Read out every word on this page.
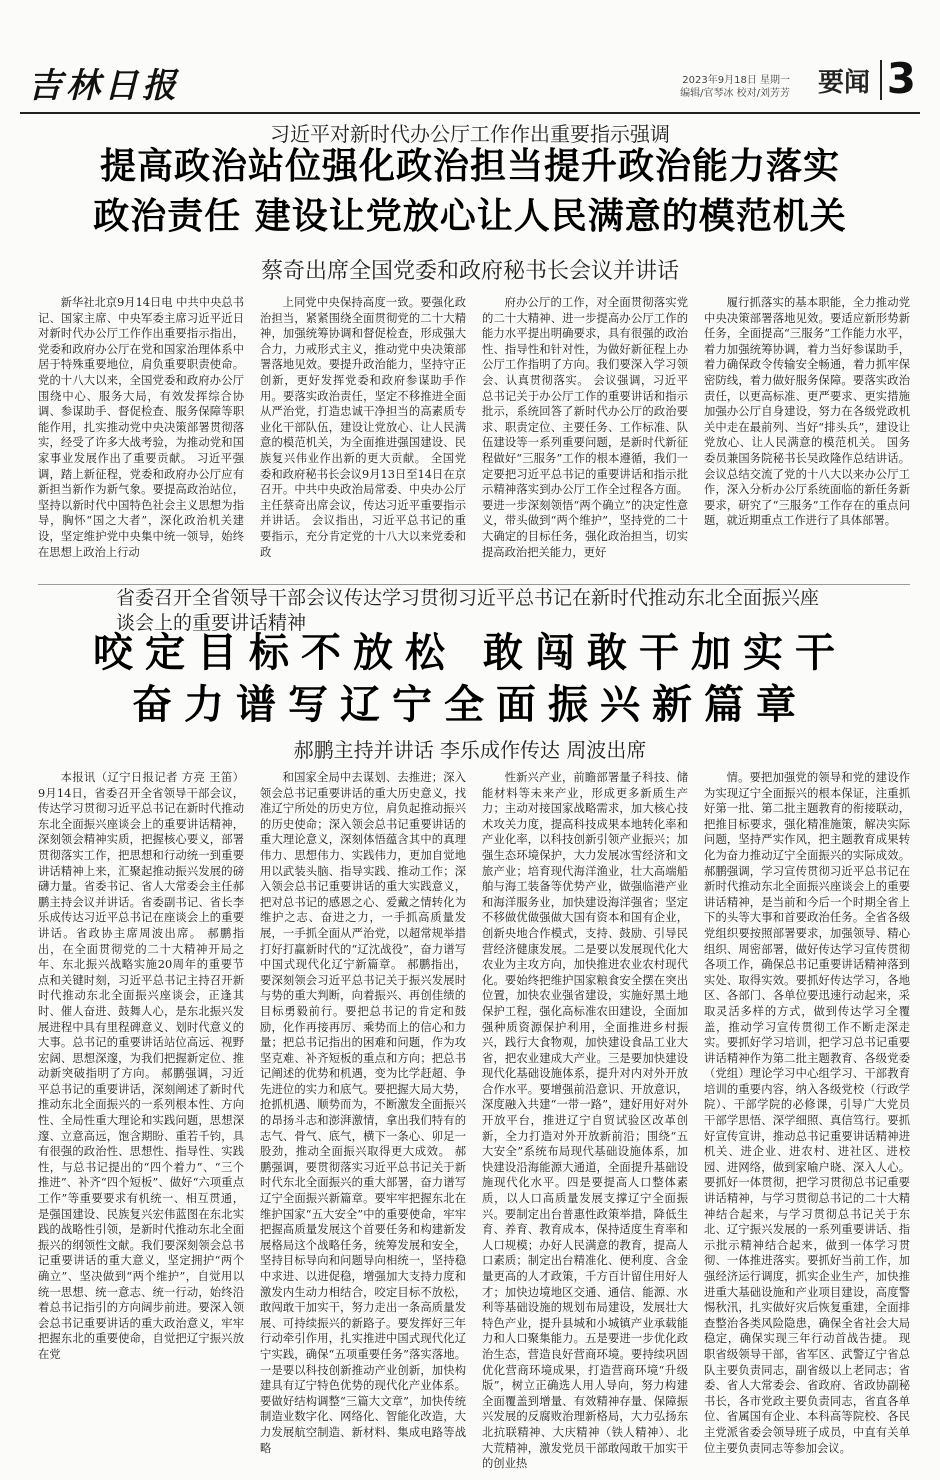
吉林日报	2023年9月18日 星期一
编辑/官琴冰 校对/刘芳芳 要闻 3
习近平对新时代办公厅工作作出重要指示强调
提高政治站位强化政治担当提升政治能力落实
政治责任 建设让党放心让人民满意的模范机关
蔡奇出席全国党委和政府秘书长会议并讲话

新华社北京9月14日电 中共中央总书记、国家主席、中央军委主席习近平近日对新时代办公厅工作作出重要指示指出，党委和政府办公厅在党和国家治理体系中居于特殊重要地位，肩负重要职责使命。党的十八大以来，全国党委和政府办公厅围绕中心、服务大局，有效发挥综合协调、参谋助手、督促检查、服务保障等职能作用，扎实推动党中央决策部署贯彻落实，经受了许多大战考验，为推动党和国家事业发展作出了重要贡献。 习近平强调，踏上新征程，党委和政府办公厅应有新担当新作为新气象。要提高政治站位，坚持以新时代中国特色社会主义思想为指导，胸怀“国之大者”，深化政治机关建设，坚定维护党中央集中统一领导，始终在思想上政治上行动

上同党中央保持高度一致。要强化政治担当，紧紧围绕全面贯彻党的二十大精神，加强统筹协调和督促检查，形成强大合力，力戒形式主义，推动党中央决策部署落地见效。要提升政治能力，坚持守正创新，更好发挥党委和政府参谋助手作用。要落实政治责任，坚定不移推进全面从严治党，打造忠诚干净担当的高素质专业化干部队伍，建设让党放心、让人民满意的模范机关，为全面推进强国建设、民族复兴伟业作出新的更大贡献。 全国党委和政府秘书长会议9月13日至14日在京召开。中共中央政治局常委、中央办公厅主任蔡奇出席会议，传达习近平重要指示并讲话。 会议指出，习近平总书记的重要指示，充分肯定党的十八大以来党委和政

府办公厅的工作，对全面贯彻落实党的二十大精神、进一步提高办公厅工作的能力水平提出明确要求，具有很强的政治性、指导性和针对性，为做好新征程上办公厅工作指明了方向。我们要深入学习领会、认真贯彻落实。 会议强调，习近平总书记关于办公厅工作的重要讲话和指示批示，系统回答了新时代办公厅的政治要求、职责定位、主要任务、工作标准、队伍建设等一系列重要问题，是新时代新征程做好“三服务”工作的根本遵循，我们一定要把习近平总书记的重要讲话和指示批示精神落实到办公厅工作全过程各方面。要进一步深刻领悟“两个确立”的决定性意义，带头做到“两个维护”，坚持党的二十大确定的目标任务，强化政治担当，切实提高政治把关能力，更好

履行抓落实的基本职能，全力推动党中央决策部署落地见效。要适应新形势新任务，全面提高“三服务”工作能力水平，着力加强统筹协调，着力当好参谋助手，着力确保政令传输安全畅通，着力抓牢保密防线，着力做好服务保障。要落实政治责任，以更高标准、更严要求、更实措施加强办公厅自身建设，努力在各级党政机关中走在最前列、当好“排头兵”，建设让党放心、让人民满意的模范机关。 国务委员兼国务院秘书长吴政隆作总结讲话。 会议总结交流了党的十八大以来办公厅工作，深入分析办公厅系统面临的新任务新要求，研究了“三服务”工作存在的重点问题，就近期重点工作进行了具体部署。

省委召开全省领导干部会议传达学习贯彻习近平总书记在新时代推动东北全面振兴座谈会上的重要讲话精神
咬定目标不放松 敢闯敢干加实干
奋力谱写辽宁全面振兴新篇章
郝鹏主持并讲话 李乐成作传达 周波出席

本报讯（辽宁日报记者 方亮 王笛）9月14日，省委召开全省领导干部会议，传达学习贯彻习近平总书记在新时代推动东北全面振兴座谈会上的重要讲话精神，深刻领会精神实质，把握核心要义，部署贯彻落实工作，把思想和行动统一到重要讲话精神上来，汇聚起推动振兴发展的磅礴力量。省委书记、省人大常委会主任郝鹏主持会议并讲话。省委副书记、省长李乐成传达习近平总书记在座谈会上的重要讲话。省政协主席周波出席。 郝鹏指出，在全面贯彻党的二十大精神开局之年、东北振兴战略实施20周年的重要节点和关键时刻，习近平总书记主持召开新时代推动东北全面振兴座谈会，正逢其时、催人奋进、鼓舞人心，是东北振兴发展进程中具有里程碑意义、划时代意义的大事。总书记的重要讲话站位高远、视野宏阔、思想深邃，为我们把握新定位、推动新突破指明了方向。 郝鹏强调，习近平总书记的重要讲话，深刻阐述了新时代推动东北全面振兴的一系列根本性、方向性、全局性重大理论和实践问题，思想深邃、立意高远，饱含期盼、重若千钧，具有很强的政治性、思想性、指导性、实践性，与总书记提出的“四个着力”、“三个推进”、补齐“四个短板”、做好“六项重点工作”等重要要求有机统一、相互贯通，是强国建设、民族复兴宏伟蓝图在东北实践的战略性引领，是新时代推动东北全面振兴的纲领性文献。我们要深刻领会总书记重要讲话的重大意义，坚定拥护“两个确立”、坚决做到“两个维护”，自觉用以统一思想、统一意志、统一行动，始终沿着总书记指引的方向阔步前进。要深入领会总书记重要讲话的重大政治意义，牢牢把握东北的重要使命，自觉把辽宁振兴放在党

和国家全局中去谋划、去推进；深入领会总书记重要讲话的重大历史意义，找准辽宁所处的历史方位，肩负起推动振兴的历史使命；深入领会总书记重要讲话的重大理论意义，深刻体悟蕴含其中的真理伟力、思想伟力、实践伟力，更加自觉地用以武装头脑、指导实践、推动工作；深入领会总书记重要讲话的重大实践意义，把对总书记的感恩之心、爱戴之情转化为维护之志、奋进之力，一手抓高质量发展，一手抓全面从严治党，以超常规举措打好打赢新时代的“辽沈战役”，奋力谱写中国式现代化辽宁新篇章。 郝鹏指出，要深刻领会习近平总书记关于振兴发展时与势的重大判断，向着振兴、再创佳绩的目标勇毅前行。要把总书记的肯定和鼓励，化作再接再厉、乘势而上的信心和力量；把总书记指出的困难和问题，作为攻坚克难、补齐短板的重点和方向；把总书记阐述的优势和机遇，变为比学赶超、争先进位的实力和底气。要把握大局大势，抢抓机遇、顺势而为，不断激发全面振兴的昂扬斗志和澎湃激情，拿出我们特有的志气、骨气、底气，横下一条心、卯足一股劲，推动全面振兴取得更大成效。 郝鹏强调，要贯彻落实习近平总书记关于新时代东北全面振兴的重大部署，奋力谱写辽宁全面振兴新篇章。要牢牢把握东北在维护国家“五大安全”中的重要使命，牢牢把握高质量发展这个首要任务和构建新发展格局这个战略任务，统筹发展和安全，坚持目标导向和问题导向相统一，坚持稳中求进、以进促稳，增强加大支持力度和激发内生动力相结合，咬定目标不放松，敢闯敢干加实干，努力走出一条高质量发展、可持续振兴的新路子。要发挥好三年行动牵引作用，扎实推进中国式现代化辽宁实践，确保“五项重要任务”落实落地。一是要以科技创新推动产业创新，加快构建具有辽宁特色优势的现代化产业体系。要做好结构调整“三篇大文章”，加快传统制造业数字化、网络化、智能化改造，大力发展航空制造、新材料、集成电路等战略

性新兴产业，前瞻部署量子科技、储能材料等未来产业，形成更多新质生产力；主动对接国家战略需求，加大核心技术攻关力度，提高科技成果本地转化率和产业化率，以科技创新引领产业振兴；加强生态环境保护，大力发展冰雪经济和文旅产业；培育现代海洋渔业，壮大高端船舶与海工装备等优势产业，做强临港产业和海洋服务业，加快建设海洋强省；坚定不移做优做强做大国有资本和国有企业，创新央地合作模式，支持、鼓励、引导民营经济健康发展。二是要以发展现代化大农业为主攻方向，加快推进农业农村现代化。要始终把维护国家粮食安全摆在突出位置，加快农业强省建设，实施好黑土地保护工程，强化高标准农田建设，全面加强种质资源保护利用，全面推进乡村振兴，践行大食物观，加快建设食品工业大省，把农业建成大产业。三是要加快建设现代化基础设施体系，提升对内对外开放合作水平。要增强前沿意识、开放意识，深度融入共建“一带一路”，建好用好对外开放平台，推进辽宁自贸试验区改革创新，全力打造对外开放新前沿；围绕“五大安全”系统布局现代基础设施体系，加快建设沿海能源大通道，全面提升基础设施现代化水平。四是要提高人口整体素质，以人口高质量发展支撑辽宁全面振兴。要制定出台普惠性政策举措，降低生育、养育、教育成本，保持适度生育率和人口规模；办好人民满意的教育，提高人口素质；制定出台精准化、便利度、含金量更高的人才政策，千方百计留住用好人才；加快边境地区交通、通信、能源、水利等基础设施的规划布局建设，发展壮大特色产业，提升县城和小城镇产业承载能力和人口聚集能力。五是要进一步优化政治生态，营造良好营商环境。要持续巩固优化营商环境成果，打造营商环境“升级版”，树立正确选人用人导向，努力构建全面覆盖到增量、有效精神存量、保障振兴发展的反腐败治理新格局，大力弘扬东北抗联精神、大庆精神（铁人精神）、北大荒精神，激发党员干部敢闯敢干加实干的创业热

情。要把加强党的领导和党的建设作为实现辽宁全面振兴的根本保证，注重抓好第一批、第二批主题教育的衔接联动，把推目标要求，强化精准施策，解决实际问题，坚持严实作风，把主题教育成果转化为奋力推动辽宁全面振兴的实际成效。 郝鹏强调，学习宣传贯彻习近平总书记在新时代推动东北全面振兴座谈会上的重要讲话精神，是当前和今后一个时期全省上下的头等大事和首要政治任务。全省各级党组织要按照部署要求，加强领导、精心组织、周密部署，做好传达学习宣传贯彻各项工作，确保总书记重要讲话精神落到实处、取得实效。要抓好传达学习，各地区、各部门、各单位要迅速行动起来，采取灵活多样的方式，做到传达学习全覆盖，推动学习宣传贯彻工作不断走深走实。要抓好学习培训，把学习总书记重要讲话精神作为第二批主题教育、各级党委（党组）理论学习中心组学习、干部教育培训的重要内容，纳入各级党校（行政学院）、干部学院的必修课，引导广大党员干部学思悟、深学细照、真信笃行。要抓好宣传宣讲，推动总书记重要讲话精神进机关、进企业、进农村、进社区、进校园、进网络，做到家喻户晓、深入人心。要抓好一体贯彻，把学习贯彻总书记重要讲话精神，与学习贯彻总书记的二十大精神结合起来，与学习贯彻总书记关于东北、辽宁振兴发展的一系列重要讲话、指示批示精神结合起来，做到一体学习贯彻、一体推进落实。要抓好当前工作，加强经济运行调度，抓实企业生产，加快推进重大基础设施和产业项目建设，高度警惕秋汛，扎实做好灾后恢复重建，全面排查整治各类风险隐患，确保全省社会大局稳定，确保实现三年行动首战告捷。 现职省级领导干部，省军区、武警辽宁省总队主要负责同志，副省级以上老同志；省委、省人大常委会、省政府、省政协副秘书长，各市党政主要负责同志，省直各单位、省属国有企业、本科高等院校、各民主党派省委会领导班子成员，中直有关单位主要负责同志等参加会议。
